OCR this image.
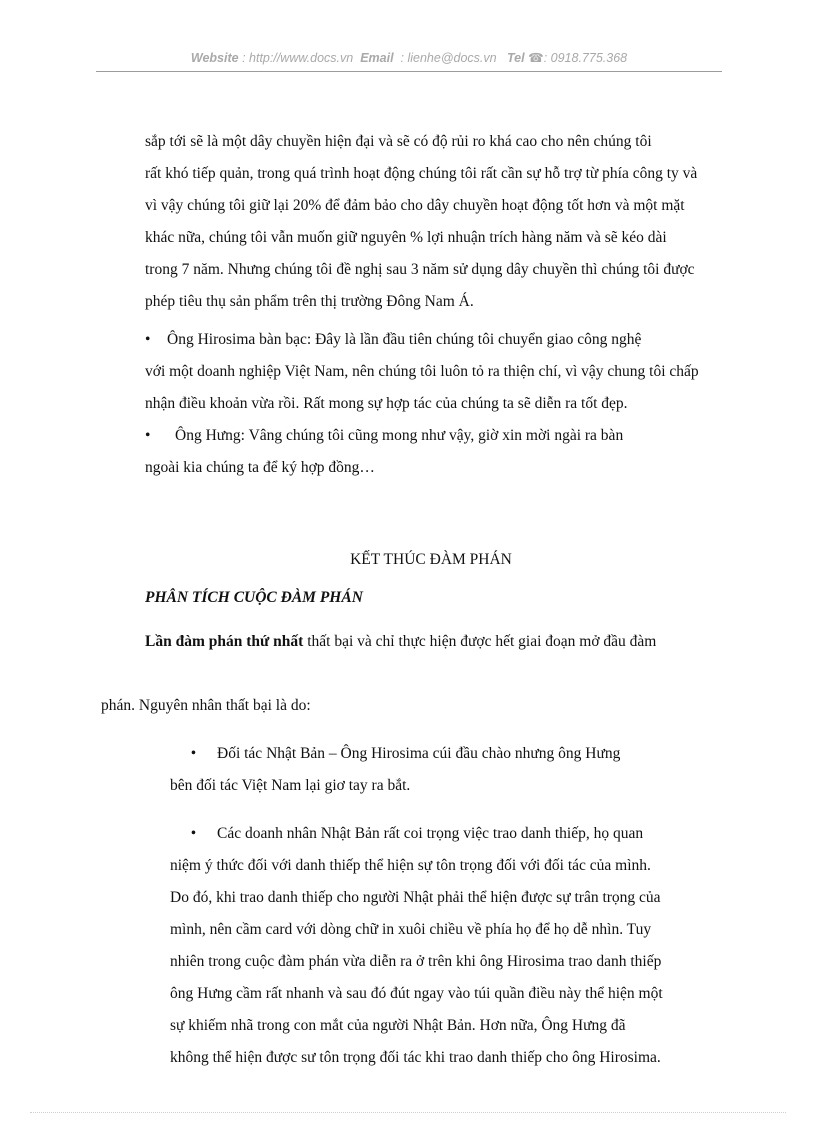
Website : http://www.docs.vn Email : lienhe@docs.vn Tel ☎: 0918.775.368

sắp tới sẽ là một dây chuyền hiện đại và sẽ có độ rủi ro khá cao cho nên chúng tôi
rất khó tiếp quản, trong quá trình hoạt động chúng tôi rất cần sự hỗ trợ từ phía công ty và
vì vậy chúng tôi giữ lại 20% để đảm bảo cho dây chuyền hoạt động tốt hơn và một mặt
khác nữa, chúng tôi vẫn muốn giữ nguyên % lợi nhuận trích hàng năm và sẽ kéo dài
trong 7 năm. Nhưng chúng tôi đề nghị sau 3 năm sử dụng dây chuyền thì chúng tôi được
phép tiêu thụ sản phẩm trên thị trường Đông Nam Á.

• Ông Hirosima bàn bạc: Đây là lần đầu tiên chúng tôi chuyển giao công nghệ
với một doanh nghiệp Việt Nam, nên chúng tôi luôn tỏ ra thiện chí, vì vậy chung tôi chấp
nhận điều khoản vừa rồi. Rất mong sự hợp tác của chúng ta sẽ diễn ra tốt đẹp.

• Ông Hưng: Vâng chúng tôi cũng mong như vậy, giờ xin mời ngài ra bàn
ngoài kia chúng ta để ký hợp đồng…

KẾT THÚC ĐÀM PHÁN

PHÂN TÍCH CUỘC ĐÀM PHÁN

Lần đàm phán thứ nhất thất bại và chỉ thực hiện được hết giai đoạn mở đầu đàm

phán. Nguyên nhân thất bại là do:

• Đối tác Nhật Bản – Ông Hirosima cúi đầu chào nhưng ông Hưng
bên đối tác Việt Nam lại giơ tay ra bắt.

• Các doanh nhân Nhật Bản rất coi trọng việc trao danh thiếp, họ quan
niệm ý thức đối với danh thiếp thể hiện sự tôn trọng đối với đối tác của mình.
Do đó, khi trao danh thiếp cho người Nhật phải thể hiện được sự trân trọng của
mình, nên cầm card với dòng chữ in xuôi chiều về phía họ để họ dễ nhìn. Tuy
nhiên trong cuộc đàm phán vừa diễn ra ở trên khi ông Hirosima trao danh thiếp
ông Hưng cầm rất nhanh và sau đó đút ngay vào túi quần điều này thể hiện một
sự khiếm nhã trong con mắt của người Nhật Bản. Hơn nữa, Ông Hưng đã
không thể hiện được sư tôn trọng đối tác khi trao danh thiếp cho ông Hirosima.
